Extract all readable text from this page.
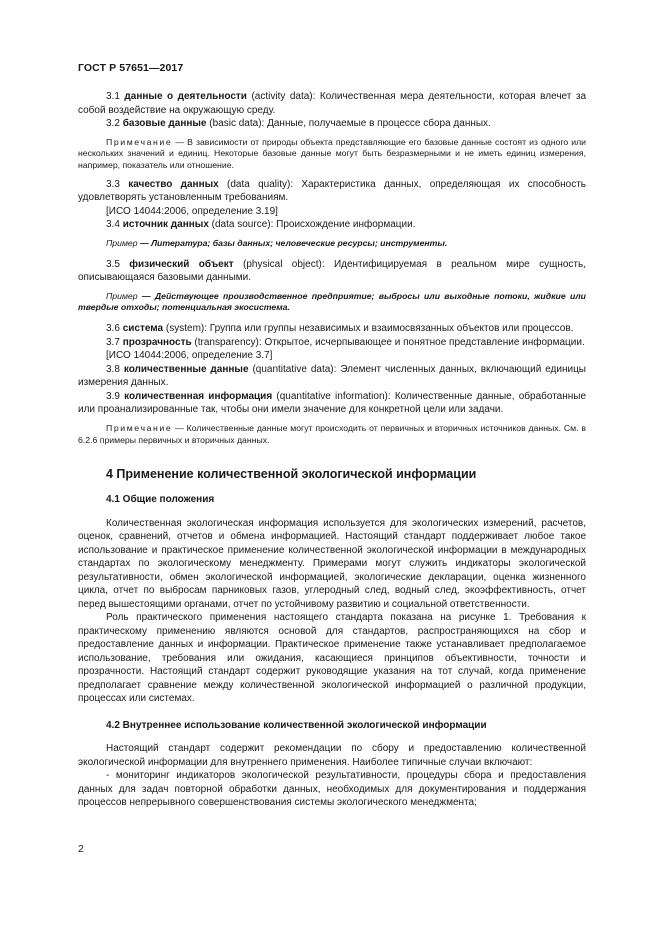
ГОСТ Р 57651—2017

3.1 данные о деятельности (activity data): Количественная мера деятельности, которая влечет за собой воздействие на окружающую среду.

3.2 базовые данные (basic data): Данные, получаемые в процессе сбора данных.

Примечание — В зависимости от природы объекта представляющие его базовые данные состоят из одного или нескольких значений и единиц. Некоторые базовые данные могут быть безразмерными и не иметь единиц измерения, например, показатель или отношение.

3.3 качество данных (data quality): Характеристика данных, определяющая их способность удовлетворять установленным требованиям.

[ИСО 14044:2006, определение 3.19]

3.4 источник данных (data source): Происхождение информации.

Пример — Литература; базы данных; человеческие ресурсы; инструменты.

3.5 физический объект (physical object): Идентифицируемая в реальном мире сущность, описывающаяся базовыми данными.

Пример — Действующее производственное предприятие; выбросы или выходные потоки, жидкие или твердые отходы; потенциальная экосистема.

3.6 система (system): Группа или группы независимых и взаимосвязанных объектов или процессов.

3.7 прозрачность (transparency): Открытое, исчерпывающее и понятное представление информации.

[ИСО 14044:2006, определение 3.7]

3.8 количественные данные (quantitative data): Элемент численных данных, включающий единицы измерения данных.

3.9 количественная информация (quantitative information): Количественные данные, обработанные или проанализированные так, чтобы они имели значение для конкретной цели или задачи.

Примечание — Количественные данные могут происходить от первичных и вторичных источников данных. См. в 6.2.6 примеры первичных и вторичных данных.

4 Применение количественной экологической информации

4.1 Общие положения

Количественная экологическая информация используется для экологических измерений, расчетов, оценок, сравнений, отчетов и обмена информацией. Настоящий стандарт поддерживает любое такое использование и практическое применение количественной экологической информации в международных стандартах по экологическому менеджменту. Примерами могут служить индикаторы экологической результативности, обмен экологической информацией, экологические декларации, оценка жизненного цикла, отчет по выбросам парниковых газов, углеродный след, водный след, экоэффективность, отчет перед вышестоящими органами, отчет по устойчивому развитию и социальной ответственности.

Роль практического применения настоящего стандарта показана на рисунке 1. Требования к практическому применению являются основой для стандартов, распространяющихся на сбор и предоставление данных и информации. Практическое применение также устанавливает предполагаемое использование, требования или ожидания, касающиеся принципов объективности, точности и прозрачности. Настоящий стандарт содержит руководящие указания на тот случай, когда применение предполагает сравнение между количественной экологической информацией о различной продукции, процессах или системах.

4.2 Внутреннее использование количественной экологической информации

Настоящий стандарт содержит рекомендации по сбору и предоставлению количественной экологической информации для внутреннего применения. Наиболее типичные случаи включают:

- мониторинг индикаторов экологической результативности, процедуры сбора и предоставления данных для задач повторной обработки данных, необходимых для документирования и поддержания процессов непрерывного совершенствования системы экологического менеджмента;

2
